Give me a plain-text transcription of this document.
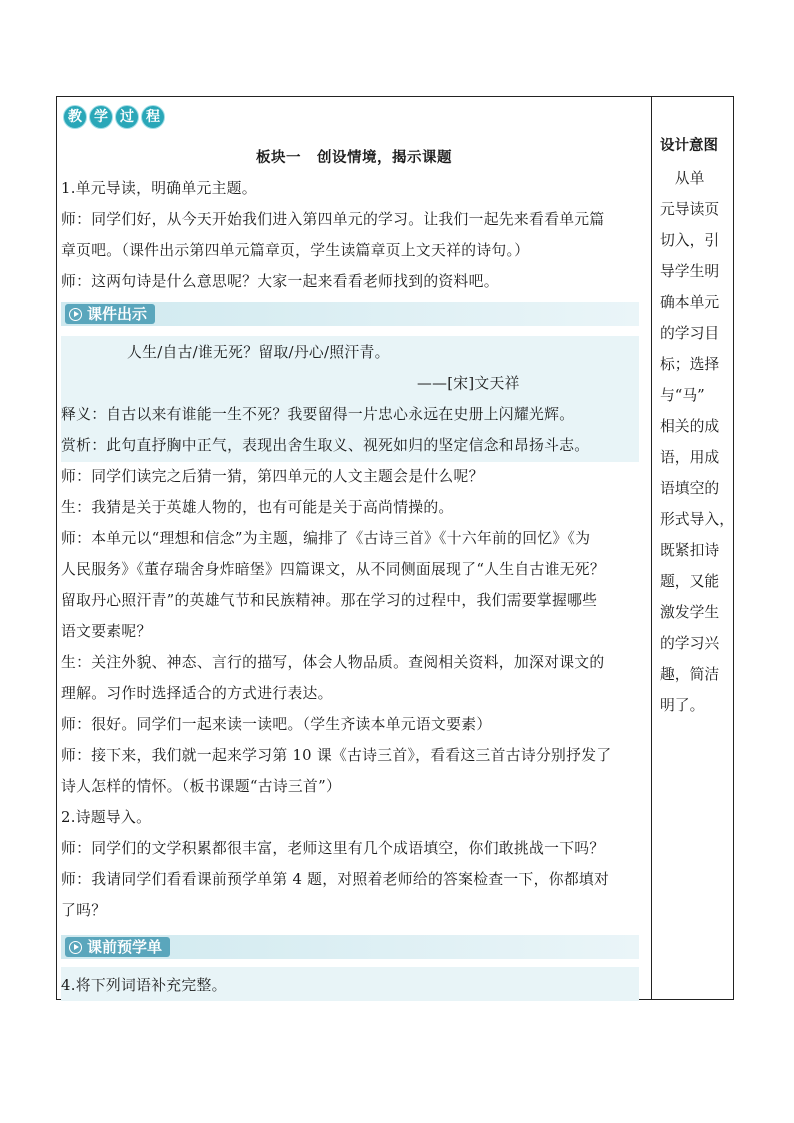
教 学 过 程
板块一 创设情境，揭示课题
1.单元导读，明确单元主题。
师：同学们好，从今天开始我们进入第四单元的学习。让我们一起先来看看单元篇
章页吧。（课件出示第四单元篇章页，学生读篇章页上文天祥的诗句。）
师：这两句诗是什么意思呢？大家一起来看看老师找到的资料吧。
课件出示
人生/自古/谁无死？留取/丹心/照汗青。
——[宋]文天祥
释义：自古以来有谁能一生不死？我要留得一片忠心永远在史册上闪耀光辉。
赏析：此句直抒胸中正气，表现出舍生取义、视死如归的坚定信念和昂扬斗志。
师：同学们读完之后猜一猜，第四单元的人文主题会是什么呢？
生：我猜是关于英雄人物的，也有可能是关于高尚情操的。
师：本单元以“理想和信念”为主题，编排了《古诗三首》《十六年前的回忆》《为
人民服务》《董存瑞舍身炸暗堡》四篇课文，从不同侧面展现了“人生自古谁无死？
留取丹心照汗青”的英雄气节和民族精神。那在学习的过程中，我们需要掌握哪些
语文要素呢？
生：关注外貌、神态、言行的描写，体会人物品质。查阅相关资料，加深对课文的
理解。习作时选择适合的方式进行表达。
师：很好。同学们一起来读一读吧。（学生齐读本单元语文要素）
师：接下来，我们就一起来学习第 10 课《古诗三首》，看看这三首古诗分别抒发了
诗人怎样的情怀。（板书课题“古诗三首”）
2.诗题导入。
师：同学们的文学积累都很丰富，老师这里有几个成语填空，你们敢挑战一下吗？
师：我请同学们看看课前预学单第 4 题，对照着老师给的答案检查一下，你都填对
了吗？
课前预学单
4.将下列词语补充完整。
设计意图
　从单
元导读页
切入，引
导学生明
确本单元
的学习目
标；选择
与“马”
相关的成
语，用成
语填空的
形式导入，
既紧扣诗
题，又能
激发学生
的学习兴
趣，简洁
明了。
